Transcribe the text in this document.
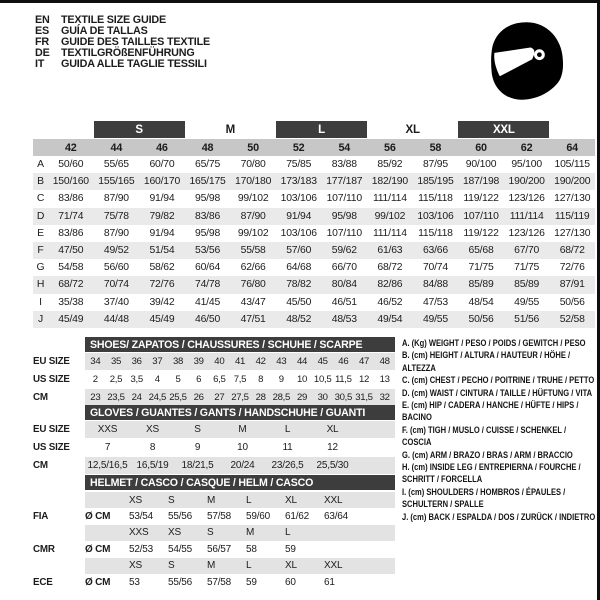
EN	TEXTILE SIZE GUIDE
ES	GUÍA DE TALLAS
FR	GUIDE DES TAILLES TEXTILE
DE	TEXTILGRÖßENFÜHRUNG
IT	GUIDA ALLE TAGLIE TESSILI
S	M	L	XL	XXL
42	44	46	48	50	52	54	56	58	60	62	64
A	50/60	55/65	60/70	65/75	70/80	75/85	83/88	85/92	87/95	90/100	95/100	105/115
B 150/160 155/165 160/170 165/175 170/180 173/183 177/187 182/190 185/195 187/198 190/200 190/200
C	83/86	87/90	91/94	95/98	99/102	103/106 107/110	111/114	115/118	119/122 123/126 127/130
D	71/74	75/78	79/82	83/86	87/90	91/94	95/98	99/102	103/106 107/110	111/114	115/119
E	83/86	87/90	91/94	95/98	99/102	103/106 107/110	111/114	115/118	119/122 123/126 127/130
F	47/50	49/52	51/54	53/56	55/58	57/60	59/62	61/63	63/66	65/68	67/70	68/72
G	54/58	56/60	58/62	60/64	62/66	64/68	66/70	68/72	70/74	71/75	71/75	72/76
H	68/72	70/74	72/76	74/78	76/80	78/82	80/84	82/86	84/88	85/89	85/89	87/91
I	35/38	37/40	39/42	41/45	43/47	45/50	46/51	46/52	47/53	48/54	49/55	50/56
J	45/49	44/48	45/49	46/50	47/51	48/52	48/53	49/54	49/55	50/56	51/56	52/58
SHOES/ ZAPATOS / CHAUSSURES / SCHUHE / SCARPE
EU SIZE	34	35	36	37	38	39	40	41	42	43	44	45	46	47	48
US SIZE	2	2,5 3,5	4	5	6	6,5 7,5	8	9	10 10,5 11,5 12	13
CM	23 23,5 24 24,5 25,5 26	27 27,5 28 28,5 29	30 30,5 31,5 32
GLOVES / GUANTES / GANTS / HANDSCHUHE / GUANTI
EU SIZE	XXS	XS	S	M	L	XL
US SIZE	7	8	9	10	11	12
CM	12,5/16,5 16,5/19	18/21,5	20/24	23/26,5	25,5/30
HELMET / CASCO / CASQUE / HELM / CASCO
XS	S	M	L	XL	XXL
FIA	Ø CM	53/54	55/56	57/58	59/60	61/62	63/64
XXS	XS	S	M	L
CMR	Ø CM	52/53	54/55	56/57	58	59
XS	S	M	L	XL	XXL
ECE	Ø CM	53	55/56	57/58	59	60	61
A. (Kg) WEIGHT / PESO / POIDS / GEWITCH / PESO
B. (cm) HEIGHT / ALTURA / HAUTEUR / HÖHE / ALTEZZA
C. (cm) CHEST / PECHO / POITRINE / TRUHE / PETTO
D. (cm) WAIST / CINTURA / TAILLE / HÜFTUNG / VITA
E. (cm) HIP / CADERA / HANCHE / HÜFTE / HIPS / BACINO
F. (cm) TIGH / MUSLO / CUISSE / SCHENKEL / COSCIA
G. (cm) ARM / BRAZO / BRAS / ARM / BRACCIO
H. (cm) INSIDE LEG / ENTREPIERNA / FOURCHE / SCHRITT / FORCELLA
I. (cm) SHOULDERS / HOMBROS / ÉPAULES / SCHULTERN / SPALLE
J. (cm) BACK / ESPALDA / DOS / ZURÜCK / INDIETRO
